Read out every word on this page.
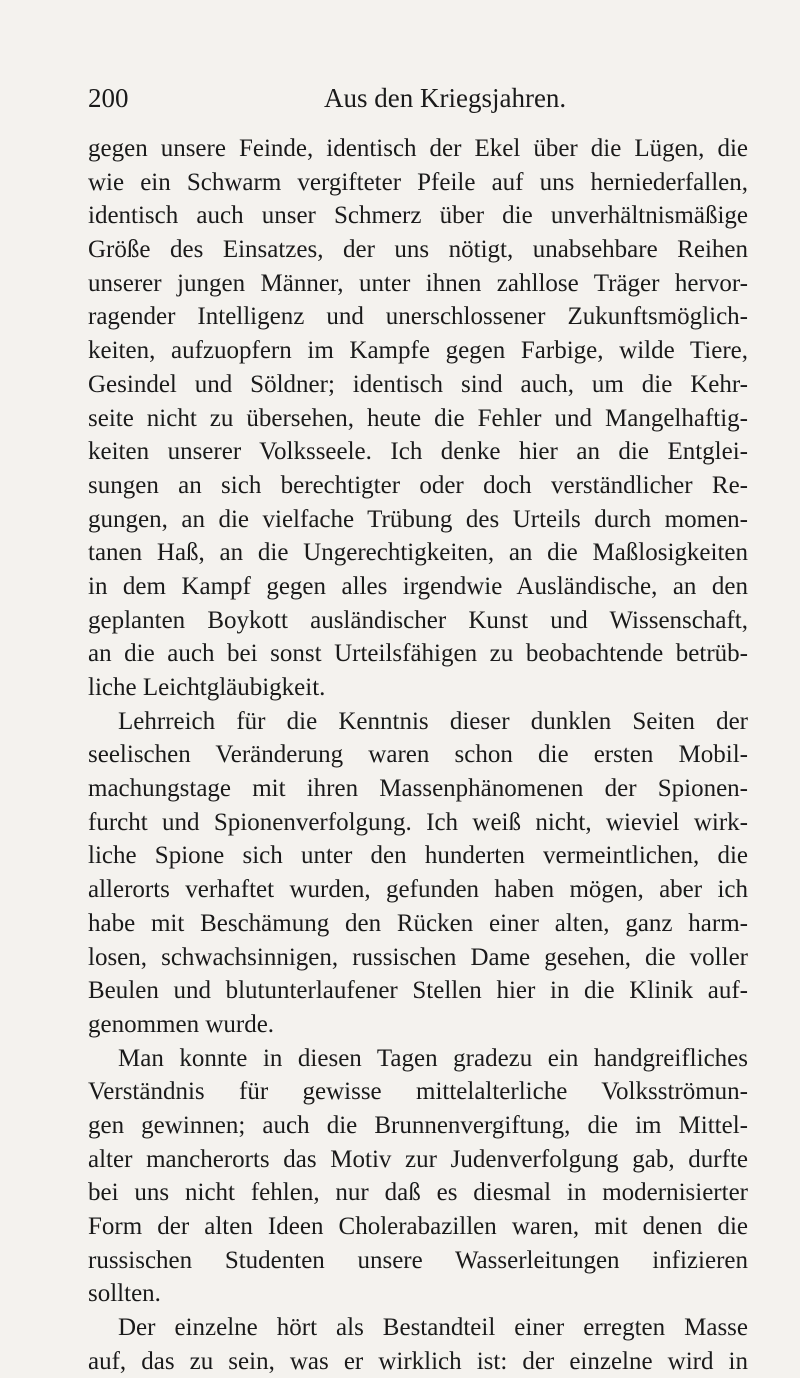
200	Aus den Kriegsjahren.
gegen unsere Feinde, identisch der Ekel über die Lügen, die
wie ein Schwarm vergifteter Pfeile auf uns herniederfallen,
identisch auch unser Schmerz über die unverhältnismäßige
Größe des Einsatzes, der uns nötigt, unabsehbare Reihen
unserer jungen Männer, unter ihnen zahllose Träger hervor-
ragender Intelligenz und unerschlossener Zukunftsmöglich-
keiten, aufzuopfern im Kampfe gegen Farbige, wilde Tiere,
Gesindel und Söldner; identisch sind auch, um die Kehr-
seite nicht zu übersehen, heute die Fehler und Mangelhaftig-
keiten unserer Volksseele. Ich denke hier an die Entglei-
sungen an sich berechtigter oder doch verständlicher Re-
gungen, an die vielfache Trübung des Urteils durch momen-
tanen Haß, an die Ungerechtigkeiten, an die Maßlosigkeiten
in dem Kampf gegen alles irgendwie Ausländische, an den
geplanten Boykott ausländischer Kunst und Wissenschaft,
an die auch bei sonst Urteilsfähigen zu beobachtende betrüb-
liche Leichtgläubigkeit.
Lehrreich für die Kenntnis dieser dunklen Seiten der
seelischen Veränderung waren schon die ersten Mobil-
machungstage mit ihren Massenphänomenen der Spionen-
furcht und Spionenverfolgung. Ich weiß nicht, wieviel wirk-
liche Spione sich unter den hunderten vermeintlichen, die
allerorts verhaftet wurden, gefunden haben mögen, aber ich
habe mit Beschämung den Rücken einer alten, ganz harm-
losen, schwachsinnigen, russischen Dame gesehen, die voller
Beulen und blutunterlaufener Stellen hier in die Klinik auf-
genommen wurde.
Man konnte in diesen Tagen gradezu ein handgreifliches
Verständnis für gewisse mittelalterliche Volksströmun-
gen gewinnen; auch die Brunnenvergiftung, die im Mittel-
alter mancherorts das Motiv zur Judenverfolgung gab, durfte
bei uns nicht fehlen, nur daß es diesmal in modernisierter
Form der alten Ideen Cholerabazillen waren, mit denen die
russischen Studenten unsere Wasserleitungen infizieren
sollten.
Der einzelne hört als Bestandteil einer erregten Masse
auf, das zu sein, was er wirklich ist: der einzelne wird in
